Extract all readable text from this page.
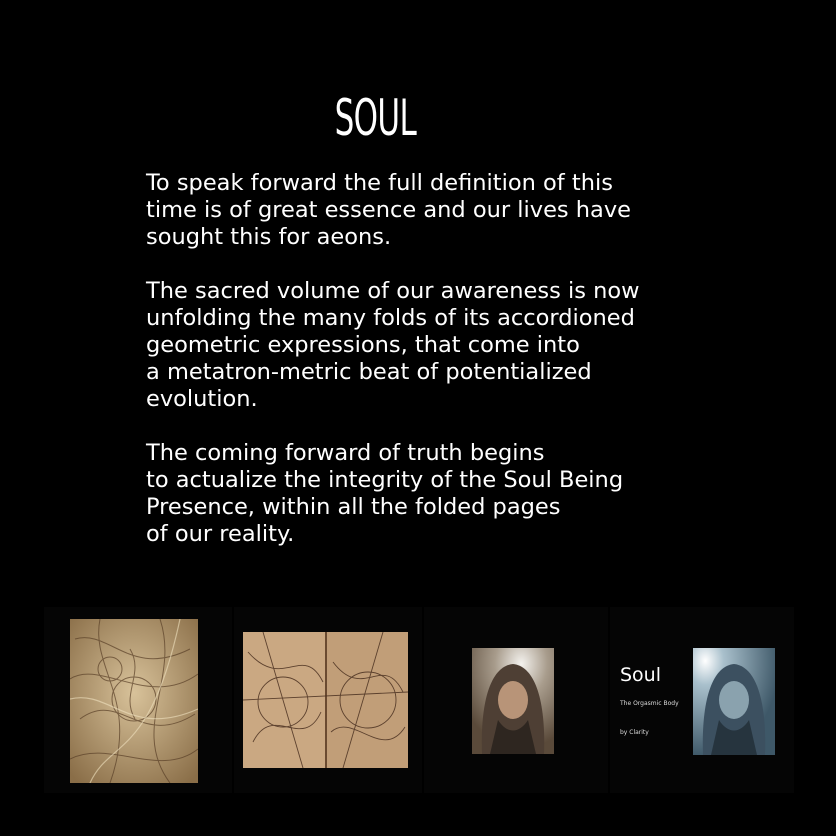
SOUL

To speak forward the full definition of this
time is of great essence and our lives have
sought this for aeons.

The sacred volume of our awareness is now
unfolding the many folds of its accordioned
geometric expressions, that come into
a metatron-metric beat of potentialized
evolution.

The coming forward of truth begins
to actualize the integrity of the Soul Being
Presence, within all the folded pages
of our reality.

Soul
The Orgasmic Body
by Clarity
